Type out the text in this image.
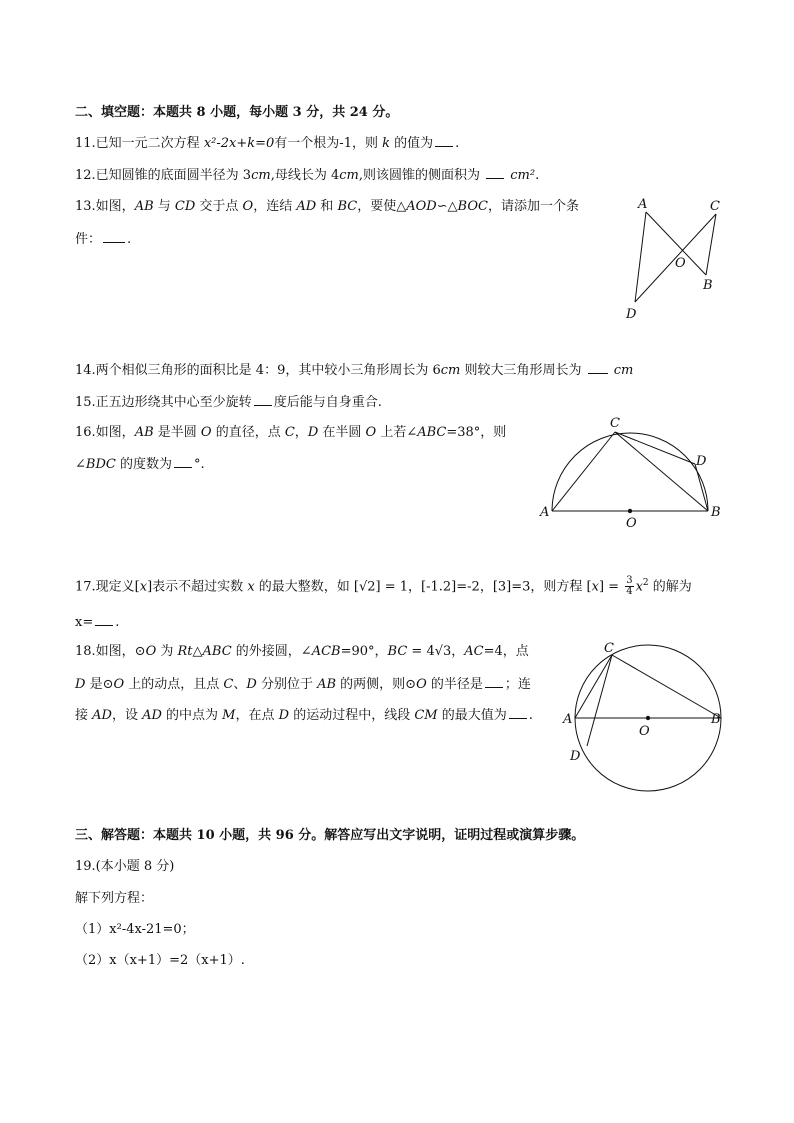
二、填空题：本题共 8 小题，每小题 3 分，共 24 分。
11.已知一元二次方程 x²-2x+k=0有一个根为-1，则 k 的值为 .
12.已知圆锥的底面圆半径为 3cm,母线长为 4cm,则该圆锥的侧面积为  cm².
13.如图，AB 与 CD 交于点 O，连结 AD 和 BC，要使△AOD∽△BOC，请添加一个条
件： .
A	C
O
B
D
14.两个相似三角形的面积比是 4：9，其中较小三角形周长为 6cm 则较大三角形周长为  cm
15.正五边形绕其中心至少旋转 度后能与自身重合.
16.如图，AB 是半圆 O 的直径，点 C，D 在半圆 O 上若∠ABC=38°，则
∠BDC 的度数为 °.
C
D
A	B
O
17.现定义[x]表示不超过实数 x 的最大整数，如 [√2] = 1，[-1.2]=-2，[3]=3，则方程 $[x] = \frac{3}{4} x^2$ 的解为
x= .
18.如图，⊙O 为 Rt△ABC 的外接圆，∠ACB=90°，BC = 4√3，AC=4，点
D 是⊙O 上的动点，且点 C、D 分别位于 AB 的两侧，则⊙O 的半径是 ；连
接 AD，设 AD 的中点为 M，在点 D 的运动过程中，线段 CM 的最大值为 .
C
A	B
O
D
三、解答题：本题共 10 小题，共 96 分。解答应写出文字说明，证明过程或演算步骤。
19.(本小题 8 分)
解下列方程：
（1）x²-4x-21=0；
（2）x（x+1）=2（x+1）.
